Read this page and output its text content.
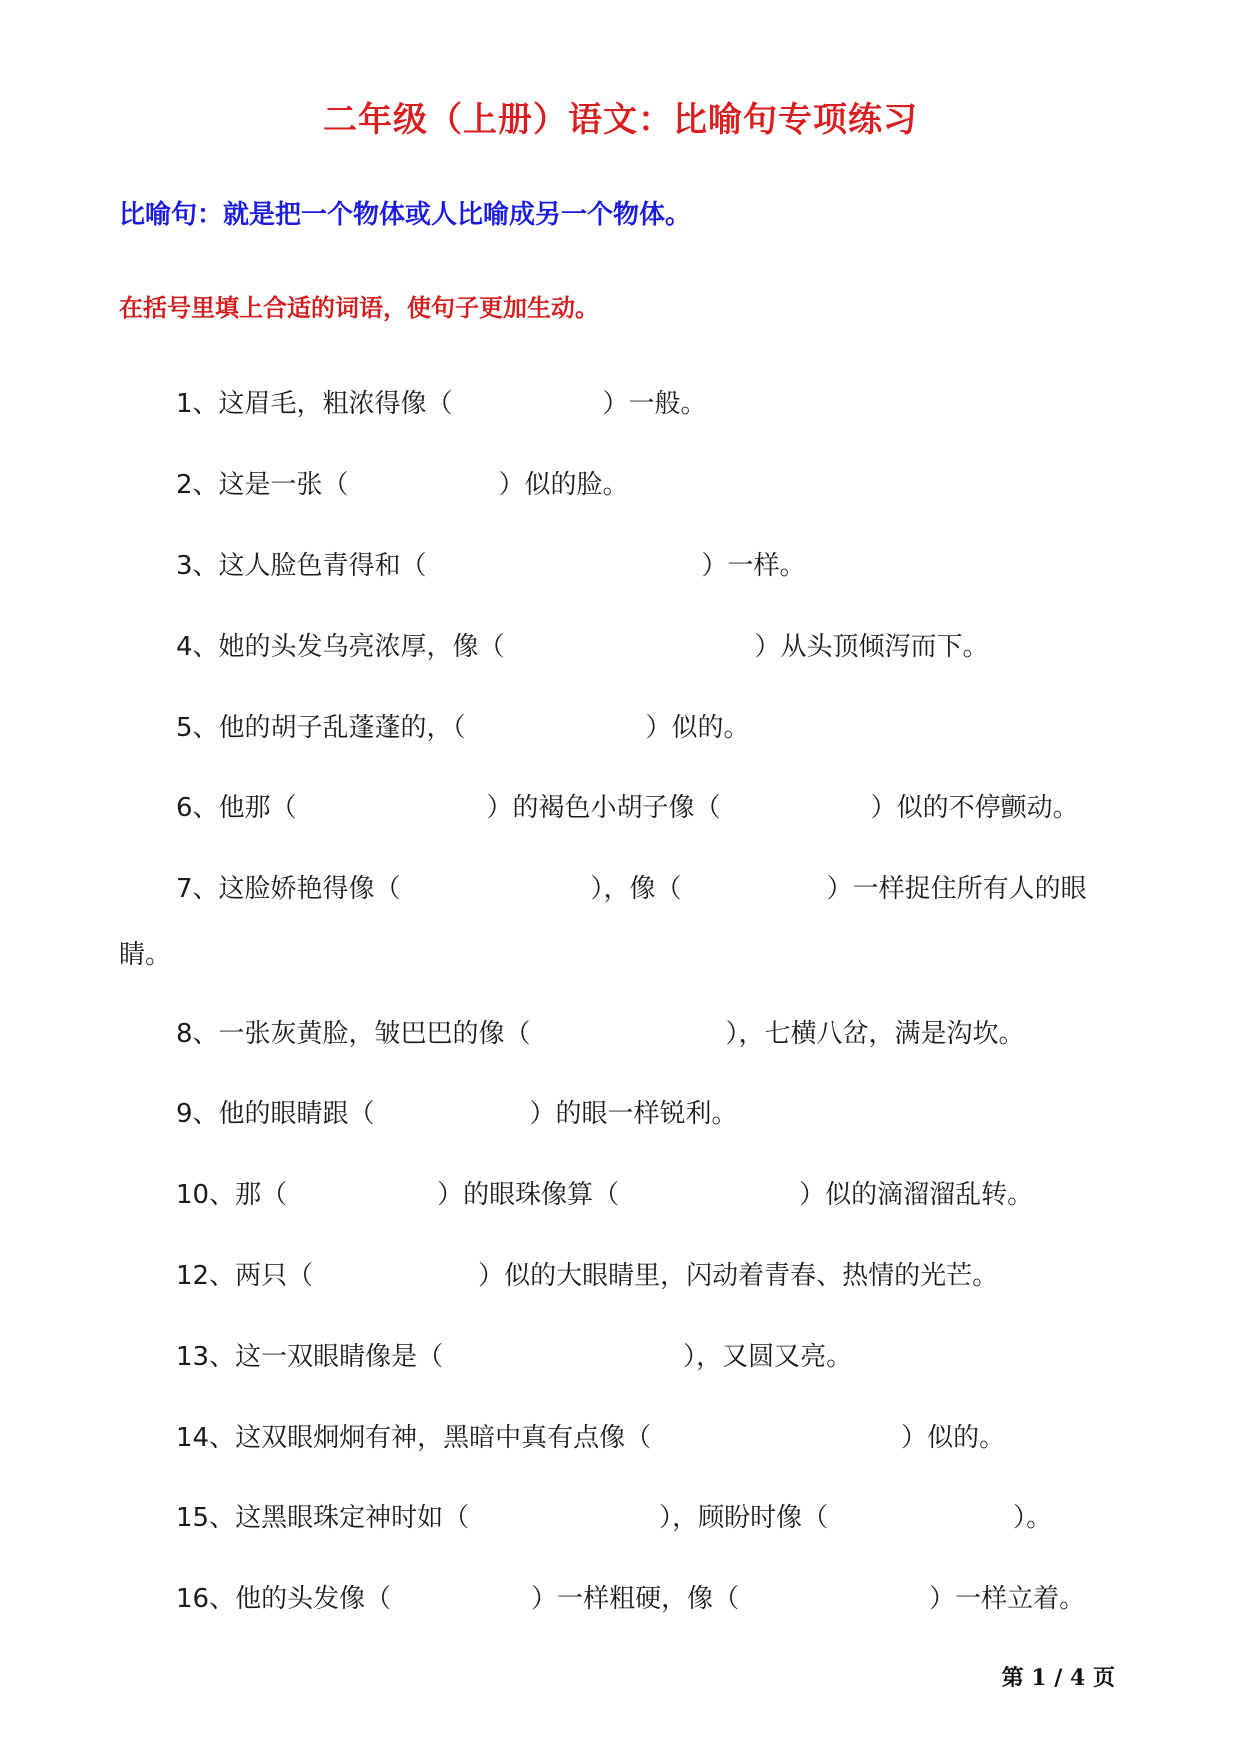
二年级（上册）语文：比喻句专项练习
比喻句：就是把一个物体或人比喻成另一个物体。
在括号里填上合适的词语，使句子更加生动。
1、这眉毛，粗浓得像（	）一般。
2、这是一张（	）似的脸。
3、这人脸色青得和（	）一样。
4、她的头发乌亮浓厚，像（	）从头顶倾泻而下。
5、他的胡子乱蓬蓬的，（	）似的。
6、他那（	）的褐色小胡子像（	）似的不停颤动。
7、这脸娇艳得像（	），像（	）一样捉住所有人的眼
睛。
8、一张灰黄脸，皱巴巴的像（	），七横八岔，满是沟坎。
9、他的眼睛跟（	）的眼一样锐利。
10、那（	）的眼珠像算（	）似的滴溜溜乱转。
12、两只（	）似的大眼睛里，闪动着青春、热情的光芒。
13、这一双眼睛像是（	），又圆又亮。
14、这双眼炯炯有神，黑暗中真有点像（	）似的。
15、这黑眼珠定神时如（	），顾盼时像（	）。
16、他的头发像（	）一样粗硬，像（	）一样立着。
第 1 / 4 页
